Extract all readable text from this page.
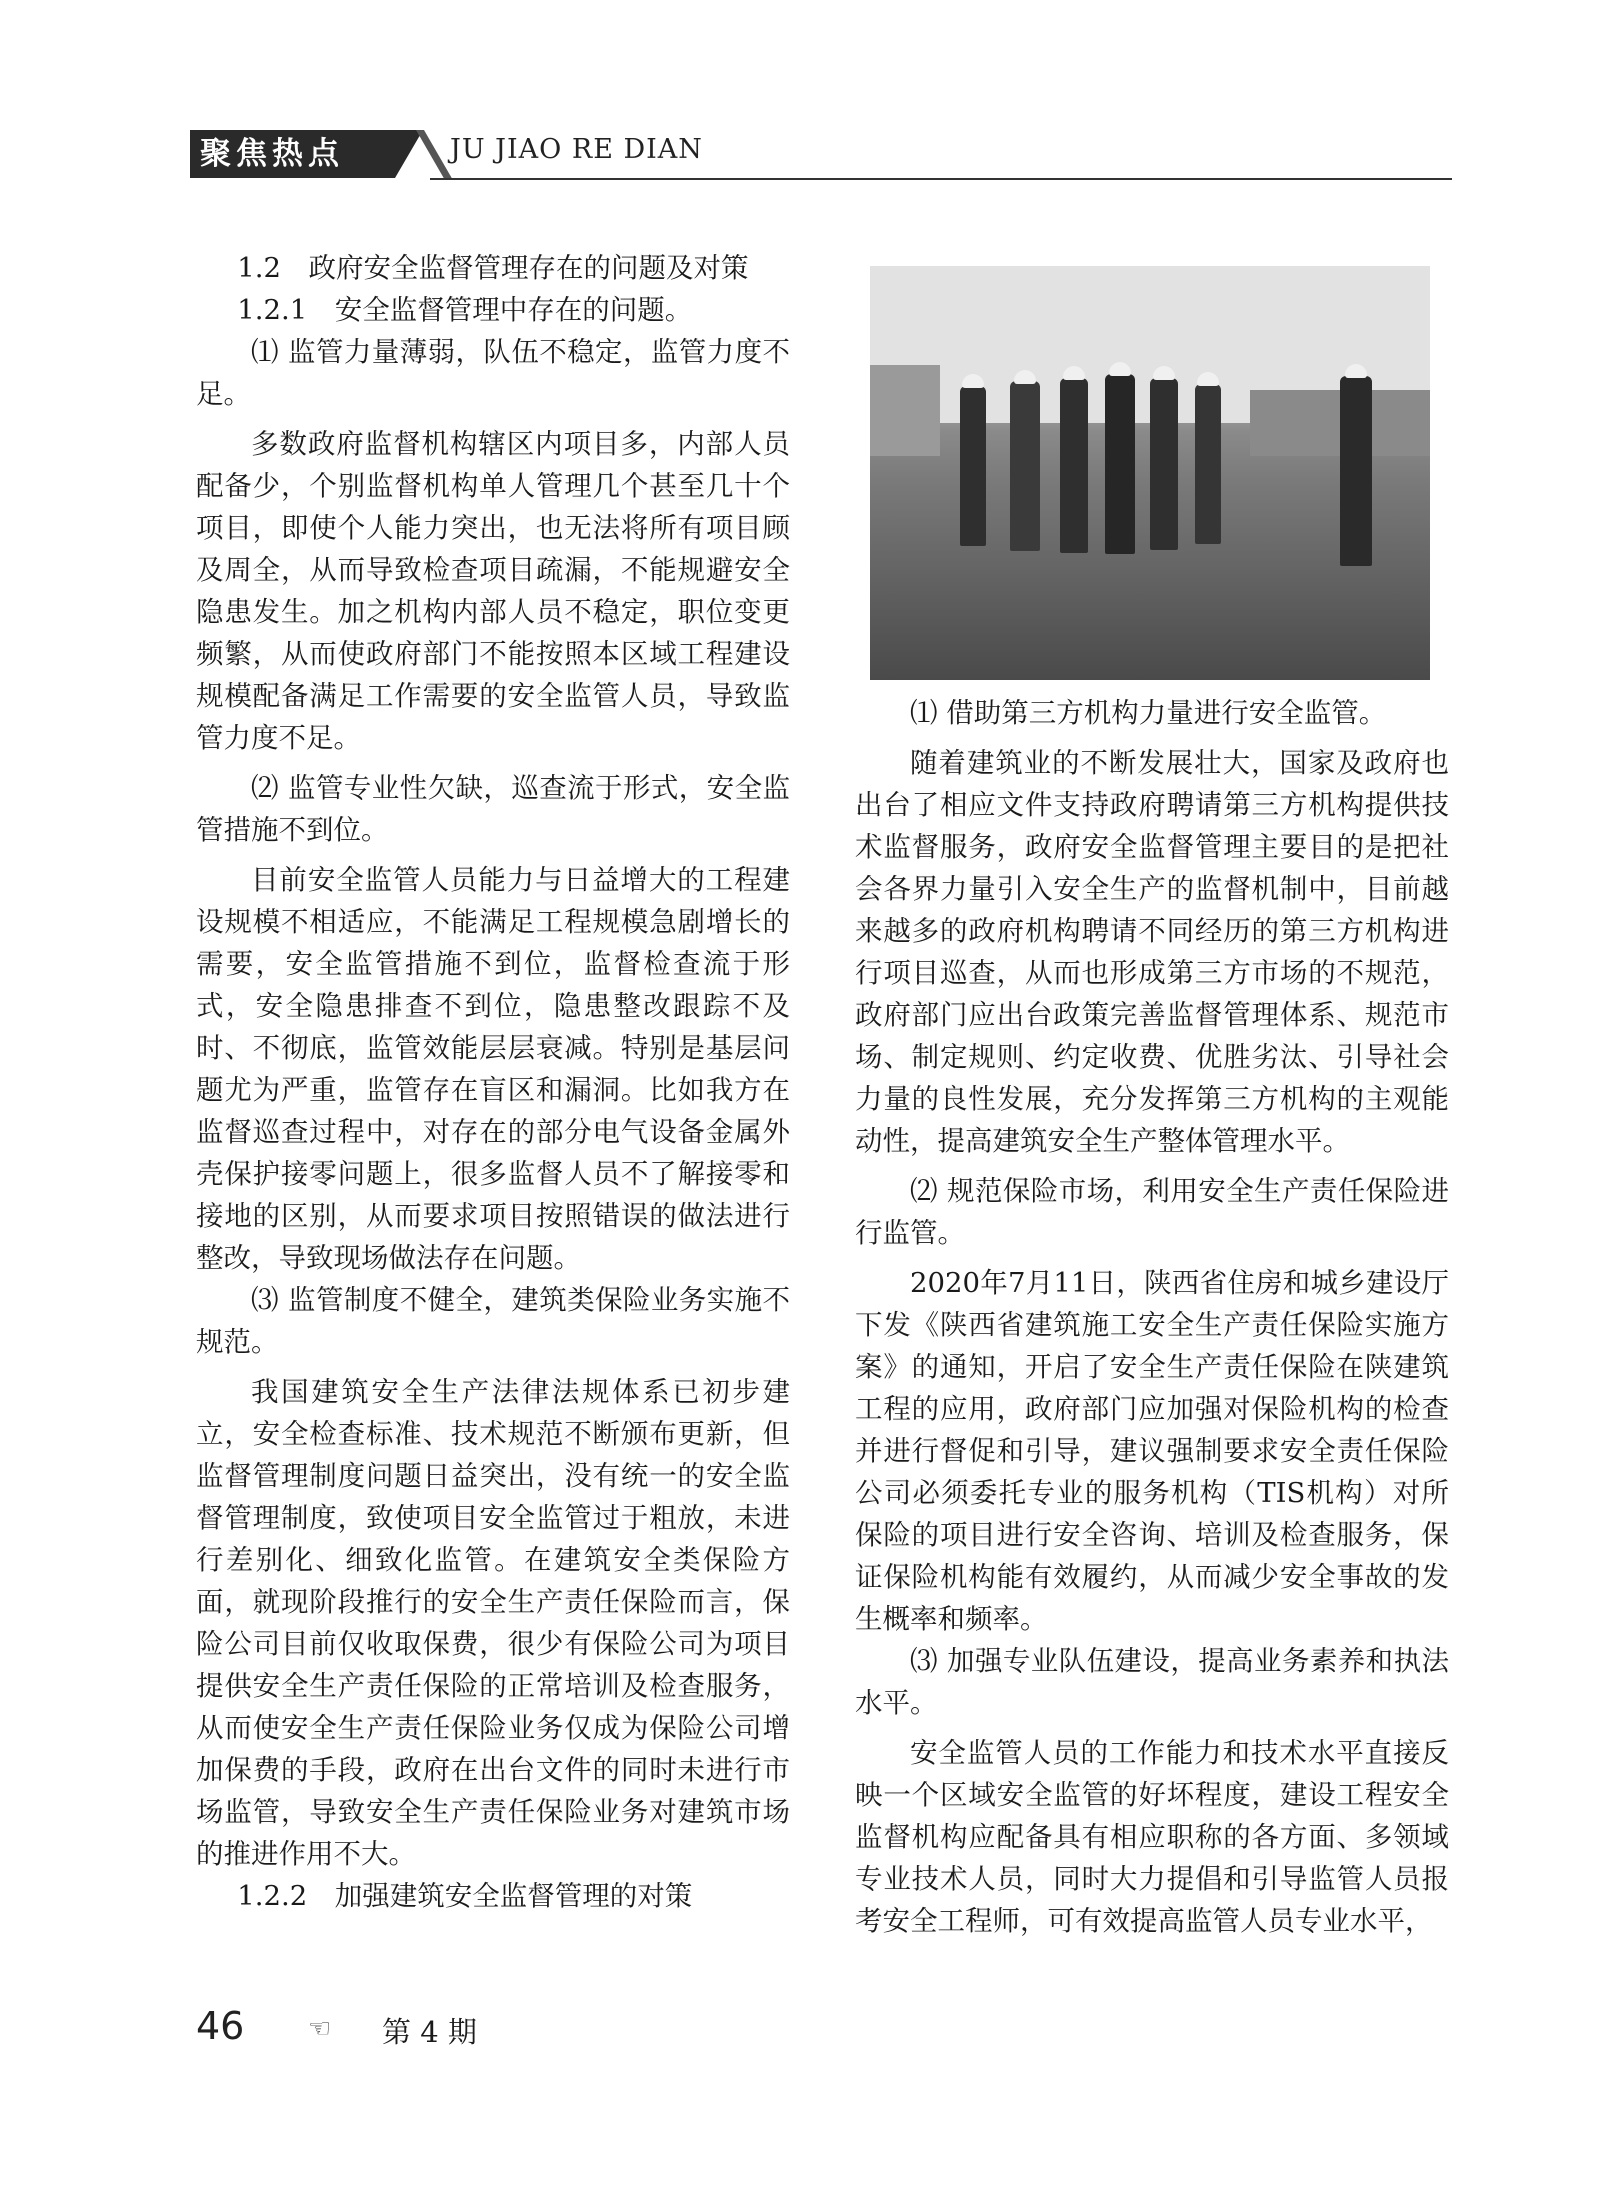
聚焦热点	JU JIAO RE DIAN

1.2　政府安全监督管理存在的问题及对策

1.2.1　安全监督管理中存在的问题。

⑴ 监管力量薄弱，队伍不稳定，监管力度不足。

多数政府监督机构辖区内项目多，内部人员配备少，个别监督机构单人管理几个甚至几十个项目，即使个人能力突出，也无法将所有项目顾及周全，从而导致检查项目疏漏，不能规避安全隐患发生。加之机构内部人员不稳定，职位变更频繁，从而使政府部门不能按照本区域工程建设规模配备满足工作需要的安全监管人员，导致监管力度不足。

⑵ 监管专业性欠缺，巡查流于形式，安全监管措施不到位。

目前安全监管人员能力与日益增大的工程建设规模不相适应，不能满足工程规模急剧增长的需要，安全监管措施不到位，监督检查流于形式，安全隐患排查不到位，隐患整改跟踪不及时、不彻底，监管效能层层衰减。特别是基层问题尤为严重，监管存在盲区和漏洞。比如我方在监督巡查过程中，对存在的部分电气设备金属外壳保护接零问题上，很多监督人员不了解接零和接地的区别，从而要求项目按照错误的做法进行整改，导致现场做法存在问题。

⑶ 监管制度不健全，建筑类保险业务实施不规范。

我国建筑安全生产法律法规体系已初步建立，安全检查标准、技术规范不断颁布更新，但监督管理制度问题日益突出，没有统一的安全监督管理制度，致使项目安全监管过于粗放，未进行差别化、细致化监管。在建筑安全类保险方面，就现阶段推行的安全生产责任保险而言，保险公司目前仅收取保费，很少有保险公司为项目提供安全生产责任保险的正常培训及检查服务，从而使安全生产责任保险业务仅成为保险公司增加保费的手段，政府在出台文件的同时未进行市场监管，导致安全生产责任保险业务对建筑市场的推进作用不大。

1.2.2　加强建筑安全监督管理的对策

⑴ 借助第三方机构力量进行安全监管。

随着建筑业的不断发展壮大，国家及政府也出台了相应文件支持政府聘请第三方机构提供技术监督服务，政府安全监督管理主要目的是把社会各界力量引入安全生产的监督机制中，目前越来越多的政府机构聘请不同经历的第三方机构进行项目巡查，从而也形成第三方市场的不规范，政府部门应出台政策完善监督管理体系、规范市场、制定规则、约定收费、优胜劣汰、引导社会力量的良性发展，充分发挥第三方机构的主观能动性，提高建筑安全生产整体管理水平。

⑵ 规范保险市场，利用安全生产责任保险进行监管。

2020年7月11日，陕西省住房和城乡建设厅下发《陕西省建筑施工安全生产责任保险实施方案》的通知，开启了安全生产责任保险在陕建筑工程的应用，政府部门应加强对保险机构的检查并进行督促和引导，建议强制要求安全责任保险公司必须委托专业的服务机构（TIS机构）对所保险的项目进行安全咨询、培训及检查服务，保证保险机构能有效履约，从而减少安全事故的发生概率和频率。

⑶ 加强专业队伍建设，提高业务素养和执法水平。

安全监管人员的工作能力和技术水平直接反映一个区域安全监管的好坏程度，建设工程安全监督机构应配备具有相应职称的各方面、多领域专业技术人员，同时大力提倡和引导监管人员报考安全工程师，可有效提高监管人员专业水平，

46 ☜ 第 4 期
